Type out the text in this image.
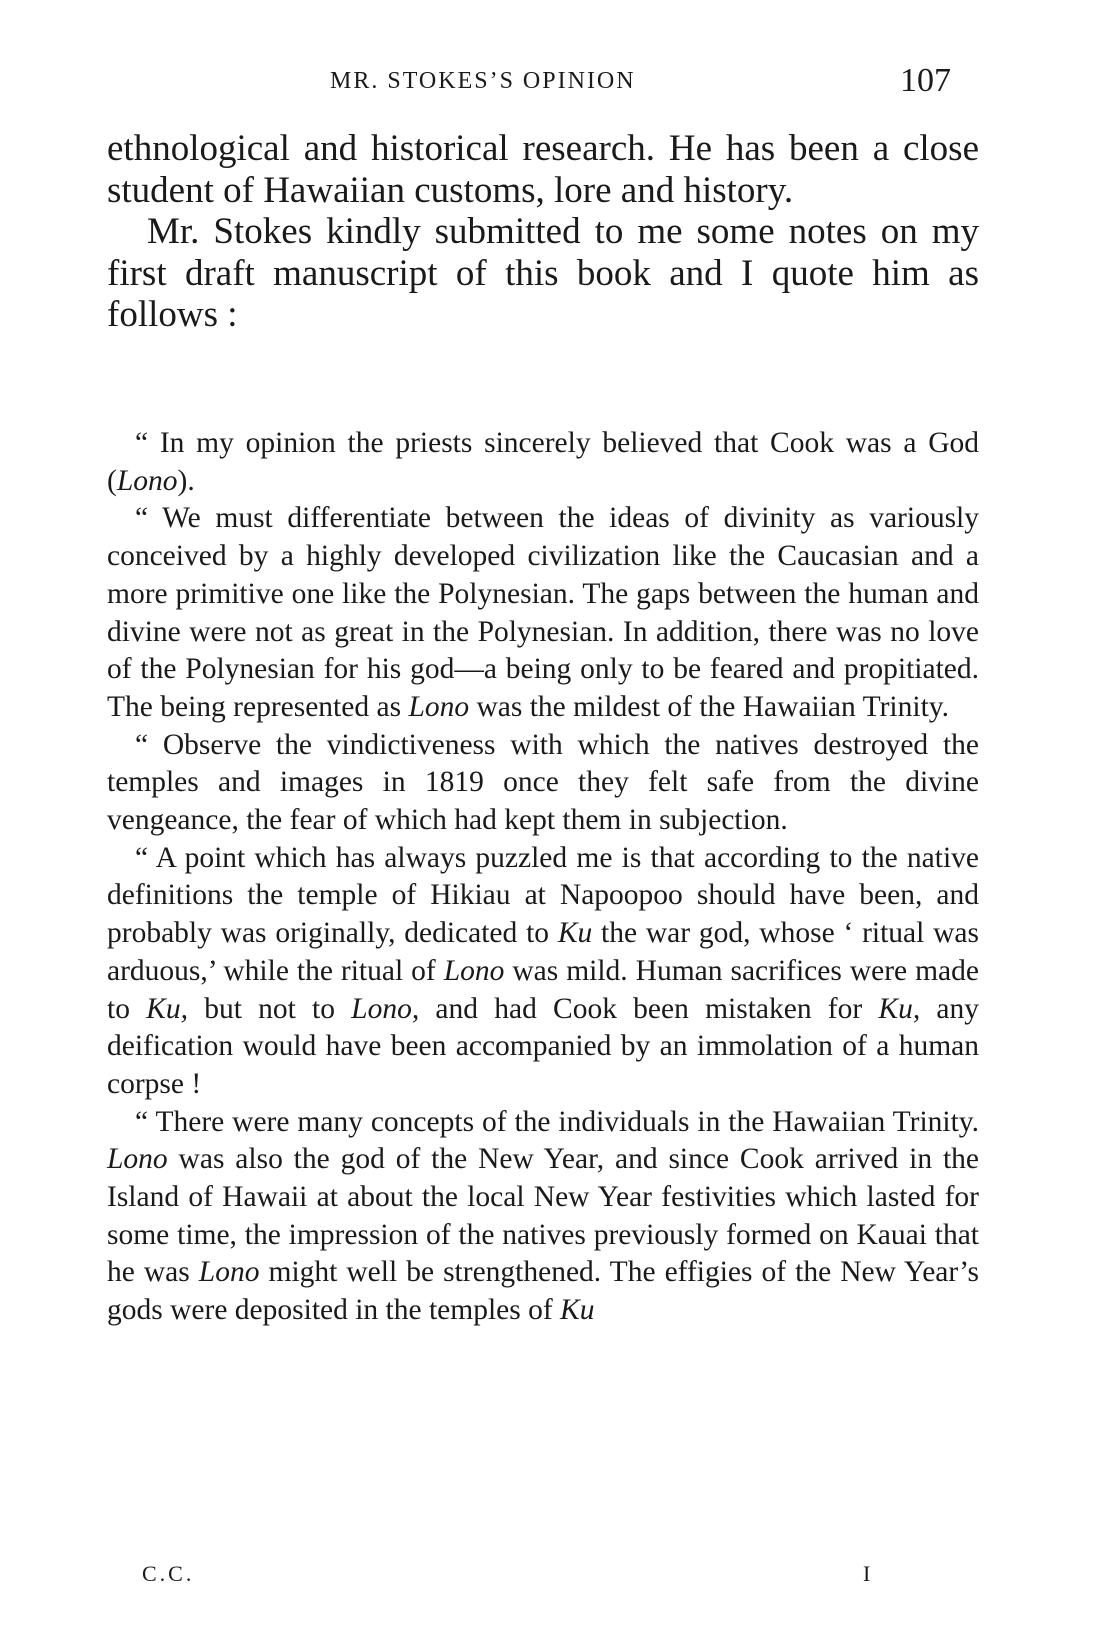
MR. STOKES’S OPINION	107

ethnological and historical research. He has been a close student of Hawaiian customs, lore and history.

Mr. Stokes kindly submitted to me some notes on my first draft manuscript of this book and I quote him as follows :

“ In my opinion the priests sincerely believed that Cook was a God (Lono).

“ We must differentiate between the ideas of divinity as variously conceived by a highly developed civilization like the Caucasian and a more primitive one like the Polynesian. The gaps between the human and divine were not as great in the Polynesian. In addition, there was no love of the Polynesian for his god—a being only to be feared and propitiated. The being represented as Lono was the mildest of the Hawaiian Trinity.

“ Observe the vindictiveness with which the natives destroyed the temples and images in 1819 once they felt safe from the divine vengeance, the fear of which had kept them in subjection.

“ A point which has always puzzled me is that according to the native definitions the temple of Hikiau at Napoopoo should have been, and probably was originally, dedicated to Ku the war god, whose ‘ ritual was arduous,’ while the ritual of Lono was mild. Human sacrifices were made to Ku, but not to Lono, and had Cook been mistaken for Ku, any deification would have been accompanied by an immolation of a human corpse !

“ There were many concepts of the individuals in the Hawaiian Trinity. Lono was also the god of the New Year, and since Cook arrived in the Island of Hawaii at about the local New Year festivities which lasted for some time, the impression of the natives previously formed on Kauai that he was Lono might well be strengthened. The effigies of the New Year’s gods were deposited in the temples of Ku

C.C.	I
